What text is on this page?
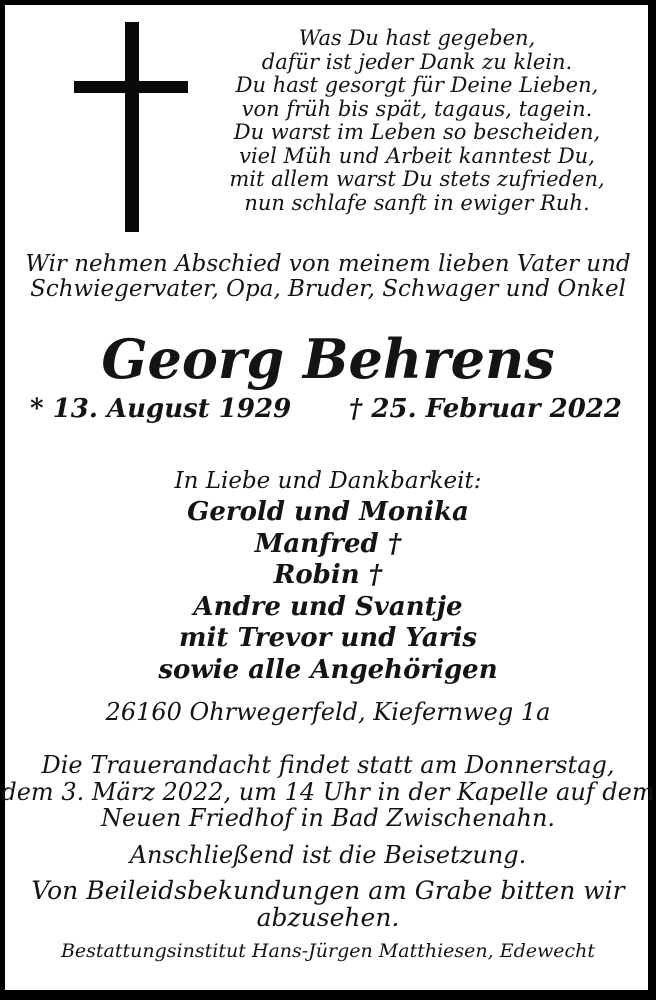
Was Du hast gegeben,
dafür ist jeder Dank zu klein.
Du hast gesorgt für Deine Lieben,
von früh bis spät, tagaus, tagein.
Du warst im Leben so bescheiden,
viel Müh und Arbeit kanntest Du,
mit allem warst Du stets zufrieden,
nun schlafe sanft in ewiger Ruh.
Wir nehmen Abschied von meinem lieben Vater und
Schwiegervater, Opa, Bruder, Schwager und Onkel
Georg Behrens
* 13. August 1929 † 25. Februar 2022
In Liebe und Dankbarkeit:
Gerold und Monika
Manfred †
Robin †
Andre und Svantje
mit Trevor und Yaris
sowie alle Angehörigen
26160 Ohrwegerfeld, Kiefernweg 1a
Die Trauerandacht findet statt am Donnerstag,
dem 3. März 2022, um 14 Uhr in der Kapelle auf dem
Neuen Friedhof in Bad Zwischenahn.
Anschließend ist die Beisetzung.
Von Beileidsbekundungen am Grabe bitten wir abzusehen.
Bestattungsinstitut Hans-Jürgen Matthiesen, Edewecht
